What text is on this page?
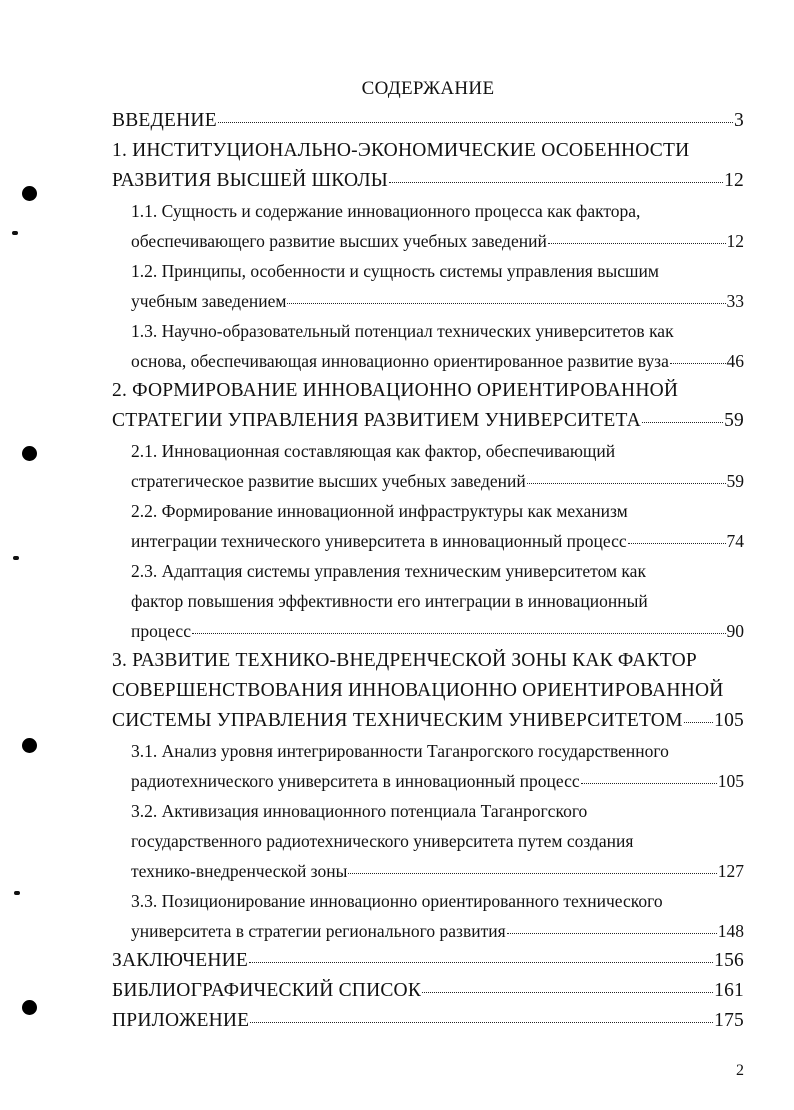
СОДЕРЖАНИЕ
ВВЕДЕНИЕ	3
1. ИНСТИТУЦИОНАЛЬНО-ЭКОНОМИЧЕСКИЕ ОСОБЕННОСТИ
РАЗВИТИЯ ВЫСШЕЙ ШКОЛЫ	12
1.1. Сущность и содержание инновационного процесса как фактора,
обеспечивающего развитие высших учебных заведений	12
1.2. Принципы, особенности и сущность системы управления высшим
учебным заведением	33
1.3. Научно-образовательный потенциал технических университетов как
основа, обеспечивающая инновационно ориентированное развитие вуза	46
2. ФОРМИРОВАНИЕ ИННОВАЦИОННО ОРИЕНТИРОВАННОЙ
СТРАТЕГИИ УПРАВЛЕНИЯ РАЗВИТИЕМ УНИВЕРСИТЕТА	59
2.1. Инновационная составляющая как фактор, обеспечивающий
стратегическое развитие высших учебных заведений	59
2.2. Формирование инновационной инфраструктуры как механизм
интеграции технического университета в инновационный процесс	74
2.3. Адаптация системы управления техническим университетом как
фактор повышения эффективности его интеграции в инновационный
процесс	90
3. РАЗВИТИЕ ТЕХНИКО-ВНЕДРЕНЧЕСКОЙ ЗОНЫ КАК ФАКТОР
СОВЕРШЕНСТВОВАНИЯ ИННОВАЦИОННО ОРИЕНТИРОВАННОЙ
СИСТЕМЫ УПРАВЛЕНИЯ ТЕХНИЧЕСКИМ УНИВЕРСИТЕТОМ 105
3.1. Анализ уровня интегрированности Таганрогского государственного
радиотехнического университета в инновационный процесс	105
3.2. Активизация инновационного потенциала Таганрогского
государственного радиотехнического университета путем создания
технико-внедренческой зоны	127
3.3. Позиционирование инновационно ориентированного технического
университета в стратегии регионального развития	148
ЗАКЛЮЧЕНИЕ	156
БИБЛИОГРАФИЧЕСКИЙ СПИСОК	161
ПРИЛОЖЕНИЕ	175
2
